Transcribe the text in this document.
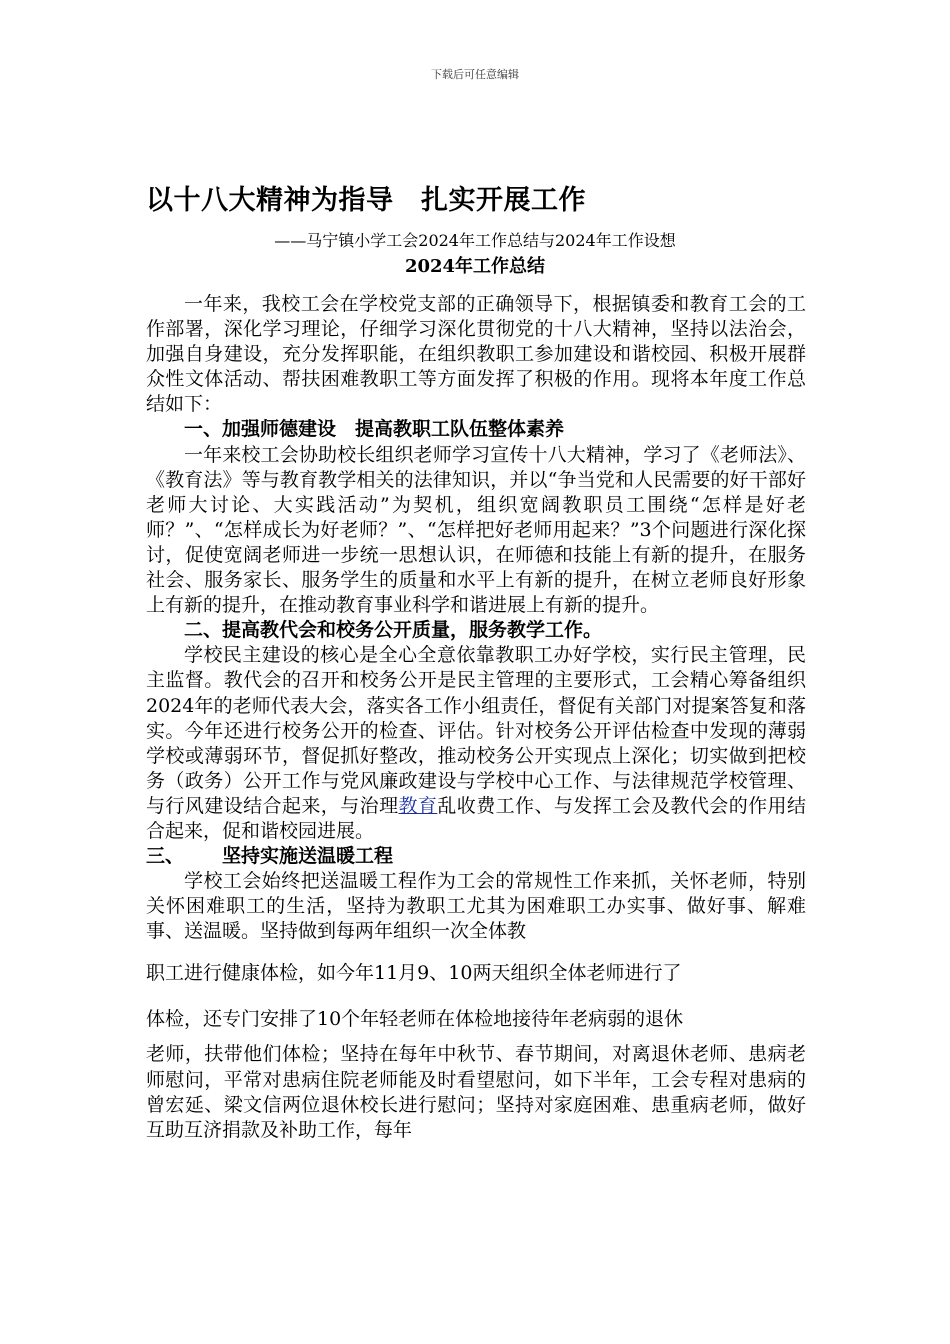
下载后可任意编辑
以十八大精神为指导　扎实开展工作
——马宁镇小学工会2024年工作总结与2024年工作设想
2024年工作总结

一年来，我校工会在学校党支部的正确领导下，根据镇委和教育工会的工作部署，深化学习理论，仔细学习深化贯彻党的十八大精神，坚持以法治会，加强自身建设，充分发挥职能，在组织教职工参加建设和谐校园、积极开展群众性文体活动、帮扶困难教职工等方面发挥了积极的作用。现将本年度工作总结如下：

一、加强师德建设　提高教职工队伍整体素养

一年来校工会协助校长组织老师学习宣传十八大精神，学习了《老师法》、《教育法》等与教育教学相关的法律知识，并以“争当党和人民需要的好干部好老师大讨论、大实践活动”为契机，组织宽阔教职员工围绕“怎样是好老师？”、“怎样成长为好老师？”、“怎样把好老师用起来？”3个问题进行深化探讨，促使宽阔老师进一步统一思想认识，在师德和技能上有新的提升，在服务社会、服务家长、服务学生的质量和水平上有新的提升，在树立老师良好形象上有新的提升，在推动教育事业科学和谐进展上有新的提升。

二、提高教代会和校务公开质量，服务教学工作。

学校民主建设的核心是全心全意依靠教职工办好学校，实行民主管理，民主监督。教代会的召开和校务公开是民主管理的主要形式，工会精心筹备组织2024年的老师代表大会，落实各工作小组责任，督促有关部门对提案答复和落实。今年还进行校务公开的检查、评估。针对校务公开评估检查中发现的薄弱学校或薄弱环节，督促抓好整改，推动校务公开实现点上深化；切实做到把校务（政务）公开工作与党风廉政建设与学校中心工作、与法律规范学校管理、与行风建设结合起来，与治理教育乱收费工作、与发挥工会及教代会的作用结合起来，促和谐校园进展。

三、 坚持实施送温暖工程

学校工会始终把送温暖工程作为工会的常规性工作来抓，关怀老师，特别关怀困难职工的生活，坚持为教职工尤其为困难职工办实事、做好事、解难事、送温暖。坚持做到每两年组织一次全体教

职工进行健康体检，如今年11月9、10两天组织全体老师进行了

体检，还专门安排了10个年轻老师在体检地接待年老病弱的退休

老师，扶带他们体检；坚持在每年中秋节、春节期间，对离退休老师、患病老师慰问，平常对患病住院老师能及时看望慰问，如下半年，工会专程对患病的曾宏延、梁文信两位退休校长进行慰问；坚持对家庭困难、患重病老师，做好互助互济捐款及补助工作，每年
